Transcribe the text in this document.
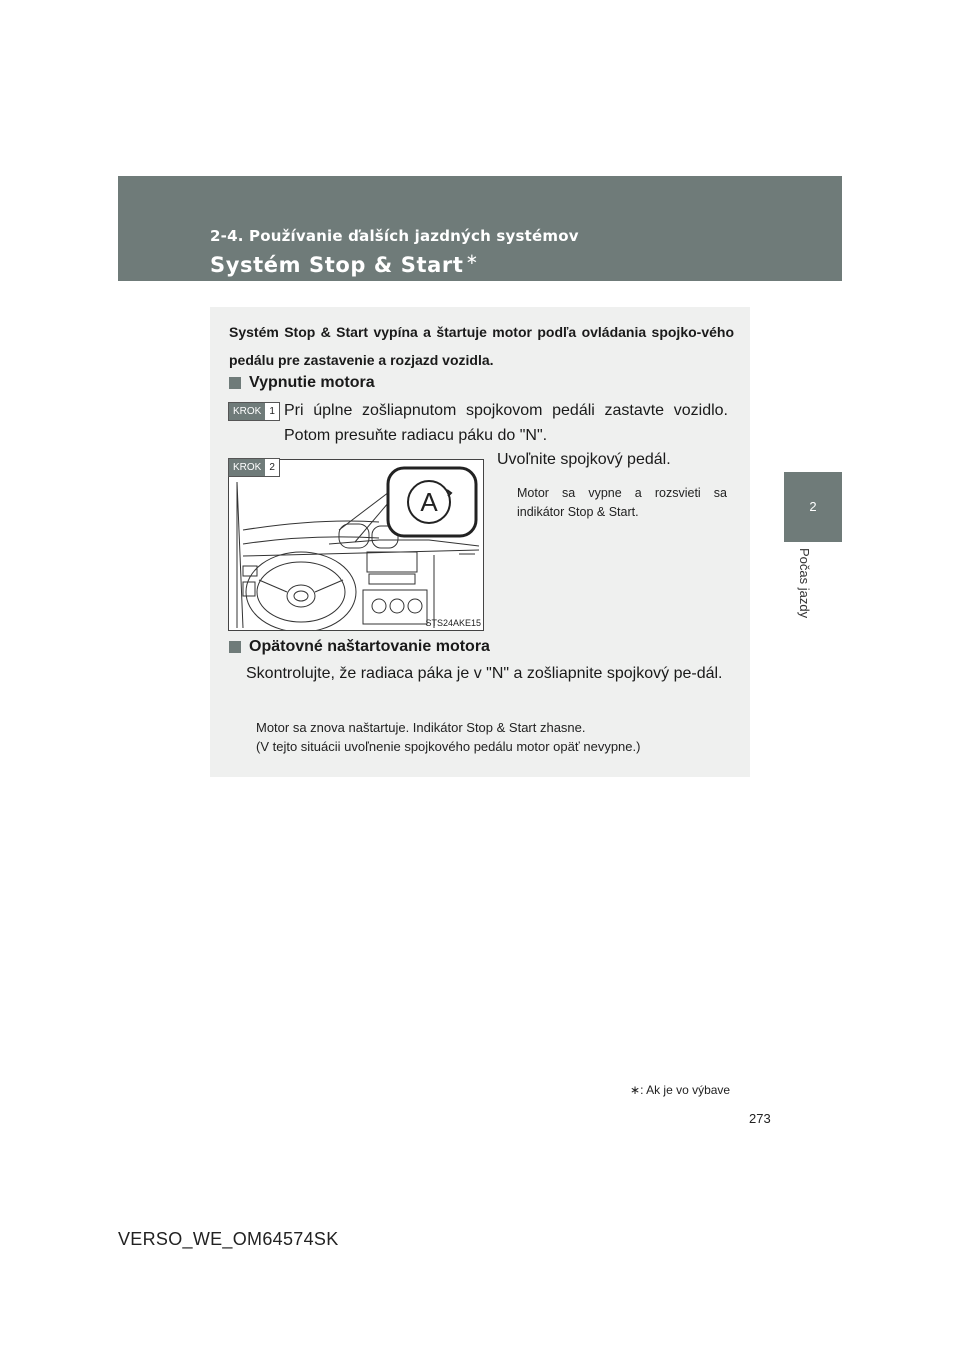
2-4. Používanie ďalších jazdných systémov
Systém Stop & Start ∗
2
Počas jazdy
Systém Stop & Start vypína a štartuje motor podľa ovládania spojko-vého pedálu pre zastavenie a rozjazd vozidla.
Vypnutie motora
KROK 1 Pri úplne zošliapnutom spojkovom pedáli zastavte vozidlo. Potom presuňte radiacu páku do "N".
A
STS24AKE15
KROK 2	Uvoľnite spojkový pedál.
Motor sa vypne a rozsvieti sa indikátor Stop & Start.
Opätovné naštartovanie motora
Skontrolujte, že radiaca páka je v "N" a zošliapnite spojkový pe-dál.
Motor sa znova naštartuje. Indikátor Stop & Start zhasne.
(V tejto situácii uvoľnenie spojkového pedálu motor opäť nevypne.)
∗: Ak je vo výbave
273
VERSO_WE_OM64574SK
